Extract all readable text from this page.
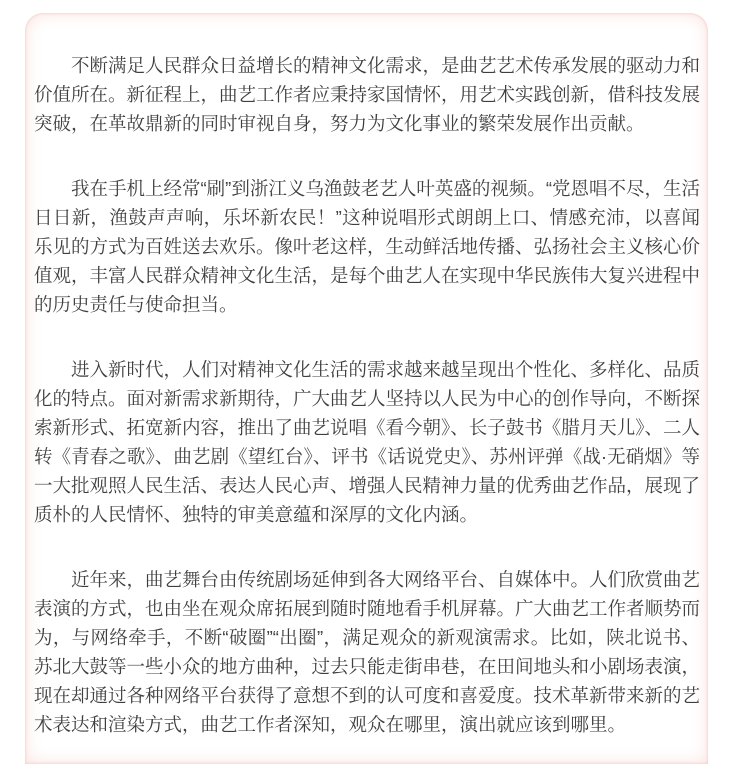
不断满足人民群众日益增长的精神文化需求，是曲艺艺术传承发展的驱动力和价值所在。新征程上，曲艺工作者应秉持家国情怀，用艺术实践创新，借科技发展突破，在革故鼎新的同时审视自身，努力为文化事业的繁荣发展作出贡献。

我在手机上经常“刷”到浙江义乌渔鼓老艺人叶英盛的视频。“党恩唱不尽，生活日日新，渔鼓声声响，乐坏新农民！”这种说唱形式朗朗上口、情感充沛，以喜闻乐见的方式为百姓送去欢乐。像叶老这样，生动鲜活地传播、弘扬社会主义核心价值观，丰富人民群众精神文化生活，是每个曲艺人在实现中华民族伟大复兴进程中的历史责任与使命担当。

进入新时代，人们对精神文化生活的需求越来越呈现出个性化、多样化、品质化的特点。面对新需求新期待，广大曲艺人坚持以人民为中心的创作导向，不断探索新形式、拓宽新内容，推出了曲艺说唱《看今朝》、长子鼓书《腊月天儿》、二人转《青春之歌》、曲艺剧《望红台》、评书《话说党史》、苏州评弹《战·无硝烟》等一大批观照人民生活、表达人民心声、增强人民精神力量的优秀曲艺作品，展现了质朴的人民情怀、独特的审美意蕴和深厚的文化内涵。

近年来，曲艺舞台由传统剧场延伸到各大网络平台、自媒体中。人们欣赏曲艺表演的方式，也由坐在观众席拓展到随时随地看手机屏幕。广大曲艺工作者顺势而为，与网络牵手，不断“破圈”“出圈”，满足观众的新观演需求。比如，陕北说书、苏北大鼓等一些小众的地方曲种，过去只能走街串巷，在田间地头和小剧场表演，现在却通过各种网络平台获得了意想不到的认可度和喜爱度。技术革新带来新的艺术表达和渲染方式，曲艺工作者深知，观众在哪里，演出就应该到哪里。
